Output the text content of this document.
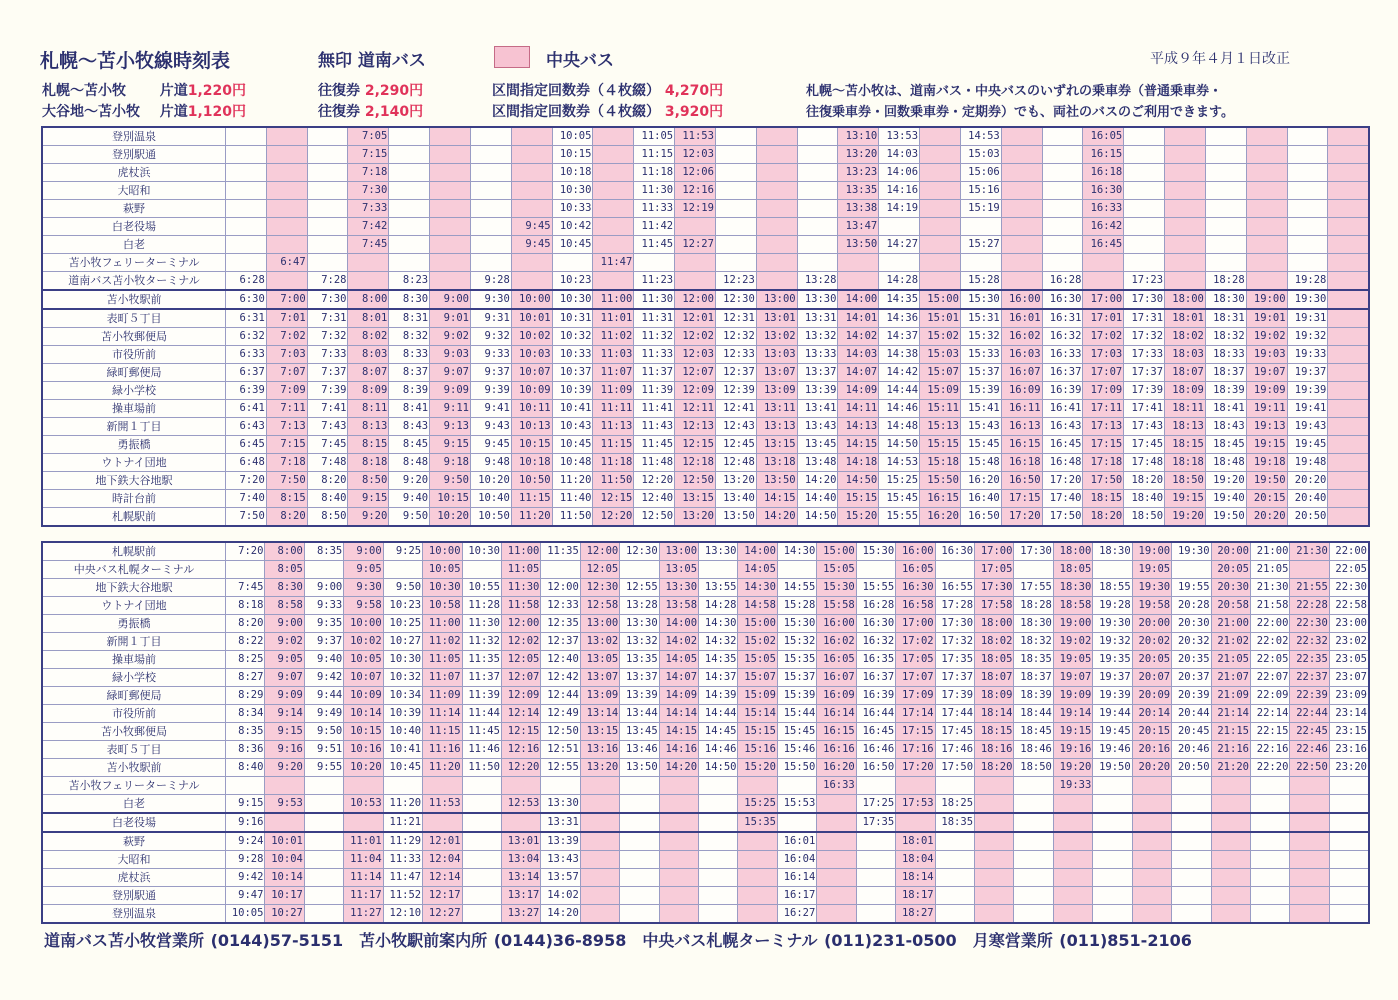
札幌～苫小牧線時刻表	無印 道南バス	中央バス	平成９年４月１日改正
札幌～苫小牧 片道1,220円
大谷地～苫小牧 片道1,120円
往復券 2,290円
往復券 2,140円
区間指定回数券（４枚綴） 4,270円
区間指定回数券（４枚綴） 3,920円
札幌～苫小牧は、道南バス・中央バスのいずれの乗車券（普通乗車券・
往復乗車券・回数乗車券・定期券）でも、両社のバスのご利用できます。
登別温泉				7:05					10:05		11:05	11:53				13:10	13:53		14:53			16:05						
登別駅通				7:15					10:15		11:15	12:03				13:20	14:03		15:03			16:15						
虎杖浜				7:18					10:18		11:18	12:06				13:23	14:06		15:06			16:18						
大昭和				7:30					10:30		11:30	12:16				13:35	14:16		15:16			16:30						
萩野				7:33					10:33		11:33	12:19				13:38	14:19		15:19			16:33						
白老役場				7:42				9:45	10:42		11:42					13:47						16:42						
白老				7:45				9:45	10:45		11:45	12:27				13:50	14:27		15:27			16:45						
苫小牧フェリーターミナル		6:47								11:47																		
道南バス苫小牧ターミナル	6:28		7:28		8:23		9:28		10:23		11:23		12:23		13:28		14:28		15:28		16:28		17:23		18:28		19:28	
苫小牧駅前	6:30	7:00	7:30	8:00	8:30	9:00	9:30	10:00	10:30	11:00	11:30	12:00	12:30	13:00	13:30	14:00	14:35	15:00	15:30	16:00	16:30	17:00	17:30	18:00	18:30	19:00	19:30	
表町５丁目	6:31	7:01	7:31	8:01	8:31	9:01	9:31	10:01	10:31	11:01	11:31	12:01	12:31	13:01	13:31	14:01	14:36	15:01	15:31	16:01	16:31	17:01	17:31	18:01	18:31	19:01	19:31	
苫小牧郵便局	6:32	7:02	7:32	8:02	8:32	9:02	9:32	10:02	10:32	11:02	11:32	12:02	12:32	13:02	13:32	14:02	14:37	15:02	15:32	16:02	16:32	17:02	17:32	18:02	18:32	19:02	19:32	
市役所前	6:33	7:03	7:33	8:03	8:33	9:03	9:33	10:03	10:33	11:03	11:33	12:03	12:33	13:03	13:33	14:03	14:38	15:03	15:33	16:03	16:33	17:03	17:33	18:03	18:33	19:03	19:33	
緑町郵便局	6:37	7:07	7:37	8:07	8:37	9:07	9:37	10:07	10:37	11:07	11:37	12:07	12:37	13:07	13:37	14:07	14:42	15:07	15:37	16:07	16:37	17:07	17:37	18:07	18:37	19:07	19:37	
緑小学校	6:39	7:09	7:39	8:09	8:39	9:09	9:39	10:09	10:39	11:09	11:39	12:09	12:39	13:09	13:39	14:09	14:44	15:09	15:39	16:09	16:39	17:09	17:39	18:09	18:39	19:09	19:39	
操車場前	6:41	7:11	7:41	8:11	8:41	9:11	9:41	10:11	10:41	11:11	11:41	12:11	12:41	13:11	13:41	14:11	14:46	15:11	15:41	16:11	16:41	17:11	17:41	18:11	18:41	19:11	19:41	
新開１丁目	6:43	7:13	7:43	8:13	8:43	9:13	9:43	10:13	10:43	11:13	11:43	12:13	12:43	13:13	13:43	14:13	14:48	15:13	15:43	16:13	16:43	17:13	17:43	18:13	18:43	19:13	19:43	
勇振橋	6:45	7:15	7:45	8:15	8:45	9:15	9:45	10:15	10:45	11:15	11:45	12:15	12:45	13:15	13:45	14:15	14:50	15:15	15:45	16:15	16:45	17:15	17:45	18:15	18:45	19:15	19:45	
ウトナイ団地	6:48	7:18	7:48	8:18	8:48	9:18	9:48	10:18	10:48	11:18	11:48	12:18	12:48	13:18	13:48	14:18	14:53	15:18	15:48	16:18	16:48	17:18	17:48	18:18	18:48	19:18	19:48	
地下鉄大谷地駅	7:20	7:50	8:20	8:50	9:20	9:50	10:20	10:50	11:20	11:50	12:20	12:50	13:20	13:50	14:20	14:50	15:25	15:50	16:20	16:50	17:20	17:50	18:20	18:50	19:20	19:50	20:20	
時計台前	7:40	8:15	8:40	9:15	9:40	10:15	10:40	11:15	11:40	12:15	12:40	13:15	13:40	14:15	14:40	15:15	15:45	16:15	16:40	17:15	17:40	18:15	18:40	19:15	19:40	20:15	20:40	
札幌駅前	7:50	8:20	8:50	9:20	9:50	10:20	10:50	11:20	11:50	12:20	12:50	13:20	13:50	14:20	14:50	15:20	15:55	16:20	16:50	17:20	17:50	18:20	18:50	19:20	19:50	20:20	20:50	
札幌駅前	7:20	8:00	8:35	9:00	9:25	10:00	10:30	11:00	11:35	12:00	12:30	13:00	13:30	14:00	14:30	15:00	15:30	16:00	16:30	17:00	17:30	18:00	18:30	19:00	19:30	20:00	21:00	21:30	22:00
中央バス札幌ターミナル		8:05		9:05		10:05		11:05		12:05		13:05		14:05		15:05		16:05		17:05		18:05		19:05		20:05	21:05		22:05
地下鉄大谷地駅	7:45	8:30	9:00	9:30	9:50	10:30	10:55	11:30	12:00	12:30	12:55	13:30	13:55	14:30	14:55	15:30	15:55	16:30	16:55	17:30	17:55	18:30	18:55	19:30	19:55	20:30	21:30	21:55	22:30
ウトナイ団地	8:18	8:58	9:33	9:58	10:23	10:58	11:28	11:58	12:33	12:58	13:28	13:58	14:28	14:58	15:28	15:58	16:28	16:58	17:28	17:58	18:28	18:58	19:28	19:58	20:28	20:58	21:58	22:28	22:58
勇振橋	8:20	9:00	9:35	10:00	10:25	11:00	11:30	12:00	12:35	13:00	13:30	14:00	14:30	15:00	15:30	16:00	16:30	17:00	17:30	18:00	18:30	19:00	19:30	20:00	20:30	21:00	22:00	22:30	23:00
新開１丁目	8:22	9:02	9:37	10:02	10:27	11:02	11:32	12:02	12:37	13:02	13:32	14:02	14:32	15:02	15:32	16:02	16:32	17:02	17:32	18:02	18:32	19:02	19:32	20:02	20:32	21:02	22:02	22:32	23:02
操車場前	8:25	9:05	9:40	10:05	10:30	11:05	11:35	12:05	12:40	13:05	13:35	14:05	14:35	15:05	15:35	16:05	16:35	17:05	17:35	18:05	18:35	19:05	19:35	20:05	20:35	21:05	22:05	22:35	23:05
緑小学校	8:27	9:07	9:42	10:07	10:32	11:07	11:37	12:07	12:42	13:07	13:37	14:07	14:37	15:07	15:37	16:07	16:37	17:07	17:37	18:07	18:37	19:07	19:37	20:07	20:37	21:07	22:07	22:37	23:07
緑町郵便局	8:29	9:09	9:44	10:09	10:34	11:09	11:39	12:09	12:44	13:09	13:39	14:09	14:39	15:09	15:39	16:09	16:39	17:09	17:39	18:09	18:39	19:09	19:39	20:09	20:39	21:09	22:09	22:39	23:09
市役所前	8:34	9:14	9:49	10:14	10:39	11:14	11:44	12:14	12:49	13:14	13:44	14:14	14:44	15:14	15:44	16:14	16:44	17:14	17:44	18:14	18:44	19:14	19:44	20:14	20:44	21:14	22:14	22:44	23:14
苫小牧郵便局	8:35	9:15	9:50	10:15	10:40	11:15	11:45	12:15	12:50	13:15	13:45	14:15	14:45	15:15	15:45	16:15	16:45	17:15	17:45	18:15	18:45	19:15	19:45	20:15	20:45	21:15	22:15	22:45	23:15
表町５丁目	8:36	9:16	9:51	10:16	10:41	11:16	11:46	12:16	12:51	13:16	13:46	14:16	14:46	15:16	15:46	16:16	16:46	17:16	17:46	18:16	18:46	19:16	19:46	20:16	20:46	21:16	22:16	22:46	23:16
苫小牧駅前	8:40	9:20	9:55	10:20	10:45	11:20	11:50	12:20	12:55	13:20	13:50	14:20	14:50	15:20	15:50	16:20	16:50	17:20	17:50	18:20	18:50	19:20	19:50	20:20	20:50	21:20	22:20	22:50	23:20
苫小牧フェリーターミナル																16:33						19:33							
白老	9:15	9:53		10:53	11:20	11:53		12:53	13:30					15:25	15:53		17:25	17:53	18:25										
白老役場	9:16				11:21				13:31					15:35			17:35		18:35										
萩野	9:24	10:01		11:01	11:29	12:01		13:01	13:39						16:01			18:01											
大昭和	9:28	10:04		11:04	11:33	12:04		13:04	13:43						16:04			18:04											
虎杖浜	9:42	10:14		11:14	11:47	12:14		13:14	13:57						16:14			18:14											
登別駅通	9:47	10:17		11:17	11:52	12:17		13:17	14:02						16:17			18:17											
登別温泉	10:05	10:27		11:27	12:10	12:27		13:27	14:20						16:27			18:27											
道南バス苫小牧営業所 (0144)57-5151　苫小牧駅前案内所 (0144)36-8958　中央バス札幌ターミナル (011)231-0500　月寒営業所 (011)851-2106
